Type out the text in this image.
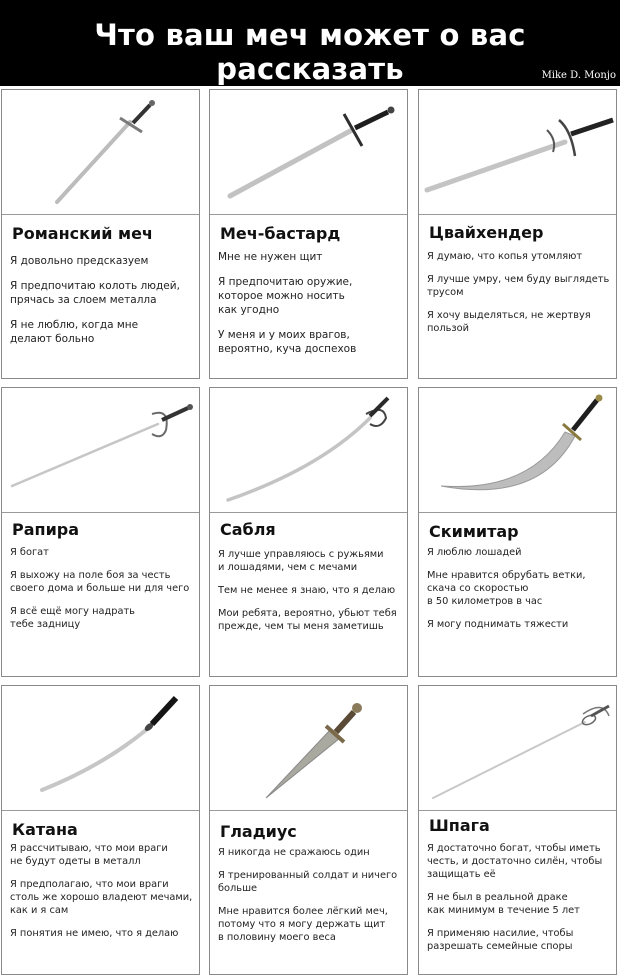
Что ваш меч может о вас рассказать	Mike D. Monjo
Романский меч
Я довольно предсказуем
Я предпочитаю колоть людей,
прячась за слоем металла
Я не люблю, когда мне
делают больно
Меч-бастард
Мне не нужен щит
Я предпочитаю оружие,
которое можно носить
как угодно
У меня и у моих врагов,
вероятно, куча доспехов
Цвайхендер
Я думаю, что копья утомляют
Я лучше умру, чем буду выглядеть
трусом
Я хочу выделяться, не жертвуя
пользой
Рапира
Я богат
Я выхожу на поле боя за честь
своего дома и больше ни для чего
Я всё ещё могу надрать
тебе задницу
Сабля
Я лучше управляюсь с ружьями
и лошадями, чем с мечами
Тем не менее я знаю, что я делаю
Мои ребята, вероятно, убьют тебя
прежде, чем ты меня заметишь
Скимитар
Я люблю лошадей
Мне нравится обрубать ветки,
скача со скоростью
в 50 километров в час
Я могу поднимать тяжести
Катана
Я рассчитываю, что мои враги
не будут одеты в металл
Я предполагаю, что мои враги
столь же хорошо владеют мечами,
как и я сам
Я понятия не имею, что я делаю
Гладиус
Я никогда не сражаюсь один
Я тренированный солдат и ничего
больше
Мне нравится более лёгкий меч,
потому что я могу держать щит
в половину моего веса
Шпага
Я достаточно богат, чтобы иметь
честь, и достаточно силён, чтобы
защищать её
Я не был в реальной драке
как минимум в течение 5 лет
Я применяю насилие, чтобы
разрешать семейные споры
